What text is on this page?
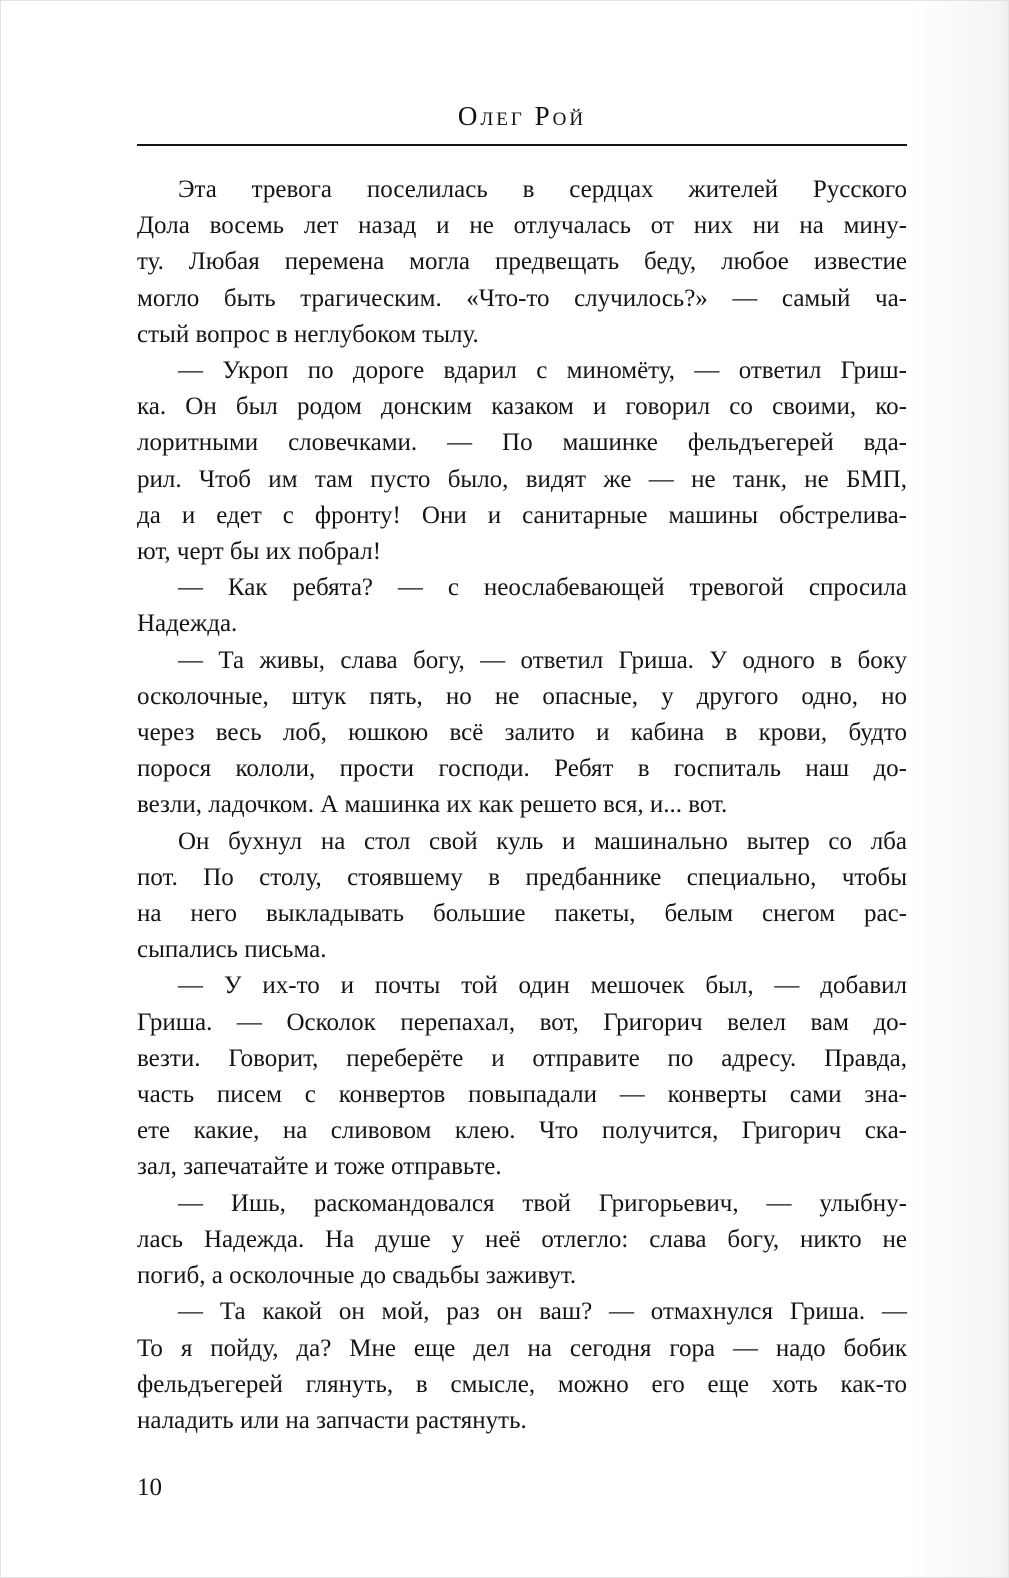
Олег Рой
Эта тревога поселилась в сердцах жителей Русского
Дола восемь лет назад и не отлучалась от них ни на мину-
ту. Любая перемена могла предвещать беду, любое известие
могло быть трагическим. «Что-то случилось?» — самый ча-
стый вопрос в неглубоком тылу.
— Укроп по дороге вдарил с миномёту, — ответил Гриш-
ка. Он был родом донским казаком и говорил со своими, ко-
лоритными словечками. — По машинке фельдъегерей вда-
рил. Чтоб им там пусто было, видят же — не танк, не БМП,
да и едет с фронту! Они и санитарные машины обстрелива-
ют, черт бы их побрал!
— Как ребята? — с неослабевающей тревогой спросила
Надежда.
— Та живы, слава богу, — ответил Гриша. У одного в боку
осколочные, штук пять, но не опасные, у другого одно, но
через весь лоб, юшкою всё залито и кабина в крови, будто
порося кололи, прости господи. Ребят в госпиталь наш до-
везли, ладочком. А машинка их как решето вся, и... вот.
Он бухнул на стол свой куль и машинально вытер со лба
пот. По столу, стоявшему в предбаннике специально, чтобы
на него выкладывать большие пакеты, белым снегом рас-
сыпались письма.
— У их-то и почты той один мешочек был, — добавил
Гриша. — Осколок перепахал, вот, Григорич велел вам до-
везти. Говорит, переберёте и отправите по адресу. Правда,
часть писем с конвертов повыпадали — конверты сами зна-
ете какие, на сливовом клею. Что получится, Григорич ска-
зал, запечатайте и тоже отправьте.
— Ишь, раскомандовался твой Григорьевич, — улыбну-
лась Надежда. На душе у неё отлегло: слава богу, никто не
погиб, а осколочные до свадьбы заживут.
— Та какой он мой, раз он ваш? — отмахнулся Гриша. —
То я пойду, да? Мне еще дел на сегодня гора — надо бобик
фельдъегерей глянуть, в смысле, можно его еще хоть как-то
наладить или на запчасти растянуть.
10
